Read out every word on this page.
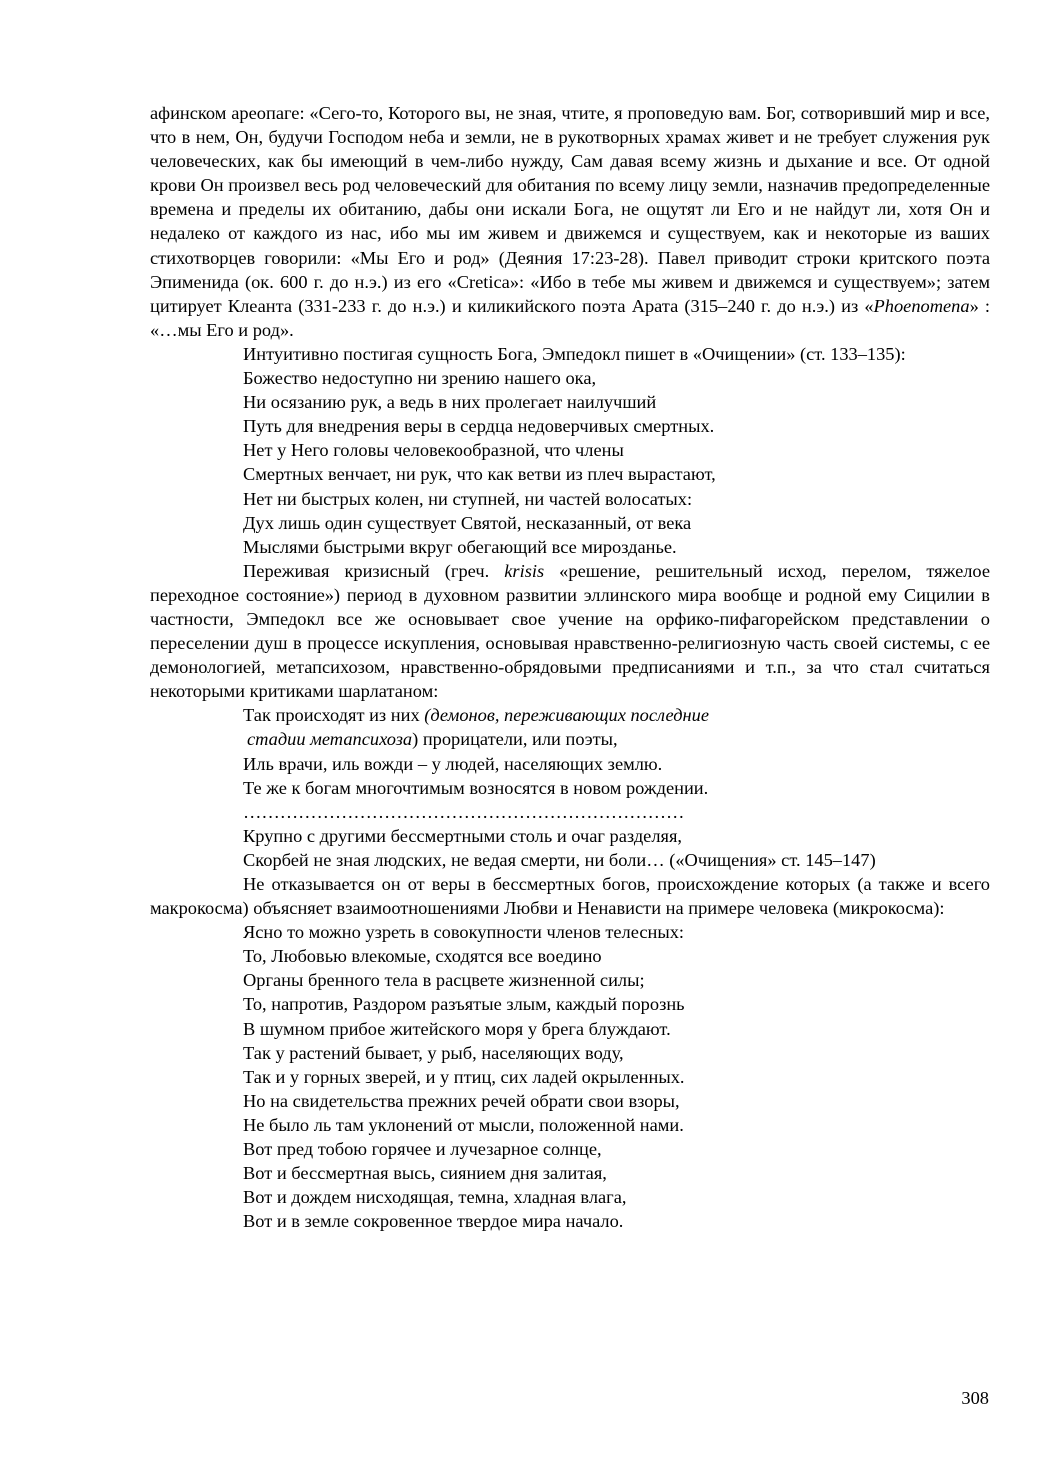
афинском ареопаге: «Сего-то, Которого вы, не зная, чтите, я проповедую вам. Бог, сотворивший мир и все, что в нем, Он, будучи Господом неба и земли, не в рукотворных храмах живет и не требует служения рук человеческих, как бы имеющий в чем-либо нужду, Сам давая всему жизнь и дыхание и все. От одной крови Он произвел весь род человеческий для обитания по всему лицу земли, назначив предопределенные времена и пределы их обитанию, дабы они искали Бога, не ощутят ли Его и не найдут ли, хотя Он и недалеко от каждого из нас, ибо мы им живем и движемся и существуем, как и некоторые из ваших стихотворцев говорили: «Мы Его и род» (Деяния 17:23-28). Павел приводит строки критского поэта Эпименида (ок. 600 г. до н.э.) из его «Cretica»: «Ибо в тебе мы живем и движемся и существуем»; затем цитирует Клеанта (331-233 г. до н.э.) и киликийского поэта Арата (315–240 г. до н.э.) из «Phoenomena» : «…мы Его и род».

Интуитивно постигая сущность Бога, Эмпедокл пишет в «Очищении» (ст. 133–135):

Божество недоступно ни зрению нашего ока,
Ни осязанию рук, а ведь в них пролегает наилучший
Путь для внедрения веры в сердца недоверчивых смертных.
Нет у Него головы человекообразной, что члены
Смертных венчает, ни рук, что как ветви из плеч вырастают,
Нет ни быстрых колен, ни ступней, ни частей волосатых:
Дух лишь один существует Святой, несказанный, от века
Мыслями быстрыми вкруг обегающий все мирозданье.

Переживая кризисный (греч. krisis «решение, решительный исход, перелом, тяжелое переходное состояние») период в духовном развитии эллинского мира вообще и родной ему Сицилии в частности, Эмпедокл все же основывает свое учение на орфико-пифагорейском представлении о переселении душ в процессе искупления, основывая нравственно-религиозную часть своей системы, с ее демонологией, метапсихозом, нравственно-обрядовыми предписаниями и т.п., за что стал считаться некоторыми критиками шарлатаном:

Так происходят из них (демонов, переживающих последние
стадии метапсихоза) прорицатели, или поэты,
Иль врачи, иль вожди – у людей, населяющих землю.
Те же к богам многочтимым возносятся в новом рождении.
………………………………………………………………
Крупно с другими бессмертными столь и очаг разделяя,
Скорбей не зная людских, не ведая смерти, ни боли… («Очищения» ст. 145–147)

Не отказывается он от веры в бессмертных богов, происхождение которых (а также и всего макрокосма) объясняет взаимоотношениями Любви и Ненависти на примере человека (микрокосма):

Ясно то можно узреть в совокупности членов телесных:
То, Любовью влекомые, сходятся все воедино
Органы бренного тела в расцвете жизненной силы;
То, напротив, Раздором разъятые злым, каждый порознь
В шумном прибое житейского моря у брега блуждают.
Так у растений бывает, у рыб, населяющих воду,
Так и у горных зверей, и у птиц, сих ладей окрыленных.
Но на свидетельства прежних речей обрати свои взоры,
Не было ль там уклонений от мысли, положенной нами.
Вот пред тобою горячее и лучезарное солнце,
Вот и бессмертная высь, сиянием дня залитая,
Вот и дождем нисходящая, темна, хладная влага,
Вот и в земле сокровенное твердое мира начало.
308
